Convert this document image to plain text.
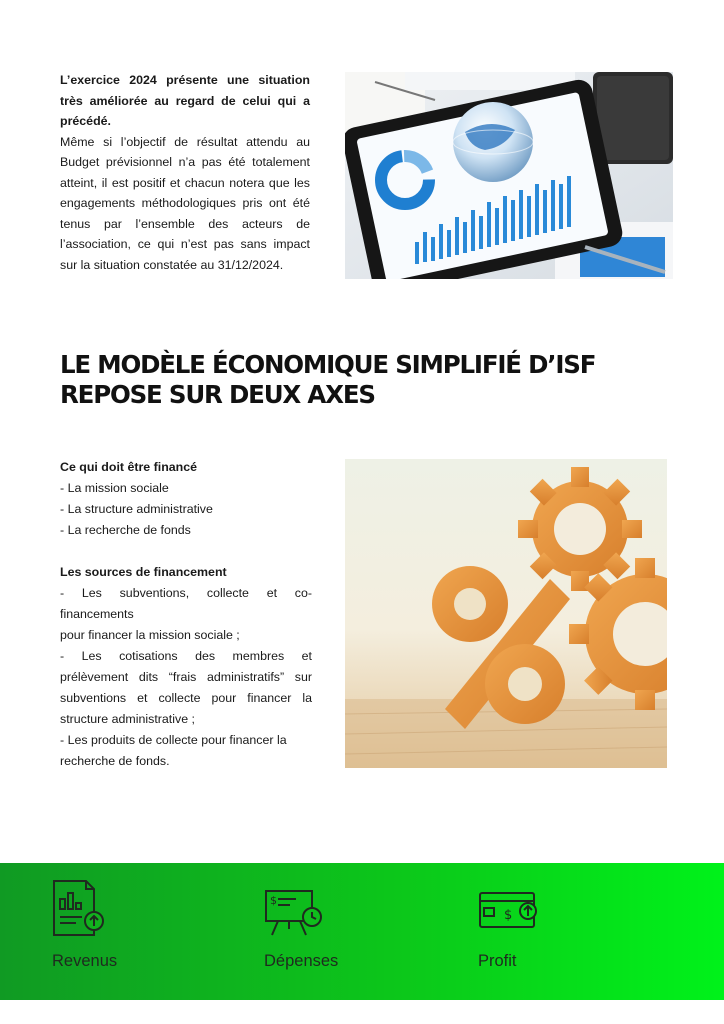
L’exercice 2024 présente une situation très améliorée au regard de celui qui a précédé.
Même si l’objectif de résultat attendu au Budget prévisionnel n’a pas été totalement atteint, il est positif et chacun notera que les engagements méthodologiques pris ont été tenus par l’ensemble des acteurs de l’association, ce qui n’est pas sans impact sur la situation constatée au 31/12/2024.
LE MODÈLE ÉCONOMIQUE SIMPLIFIÉ D’ISF REPOSE SUR DEUX AXES
Ce qui doit être financé
- La mission sociale
- La structure administrative
- La recherche de fonds
Les sources de financement
- Les subventions, collecte et co-
financements
pour financer la mission sociale ;
- Les cotisations des membres et
prélèvement dits “frais administratifs” sur
subventions et collecte pour financer la
structure administrative ;
- Les produits de collecte pour financer la
recherche de fonds.
Revenus
$
Dépenses
$
Profit
